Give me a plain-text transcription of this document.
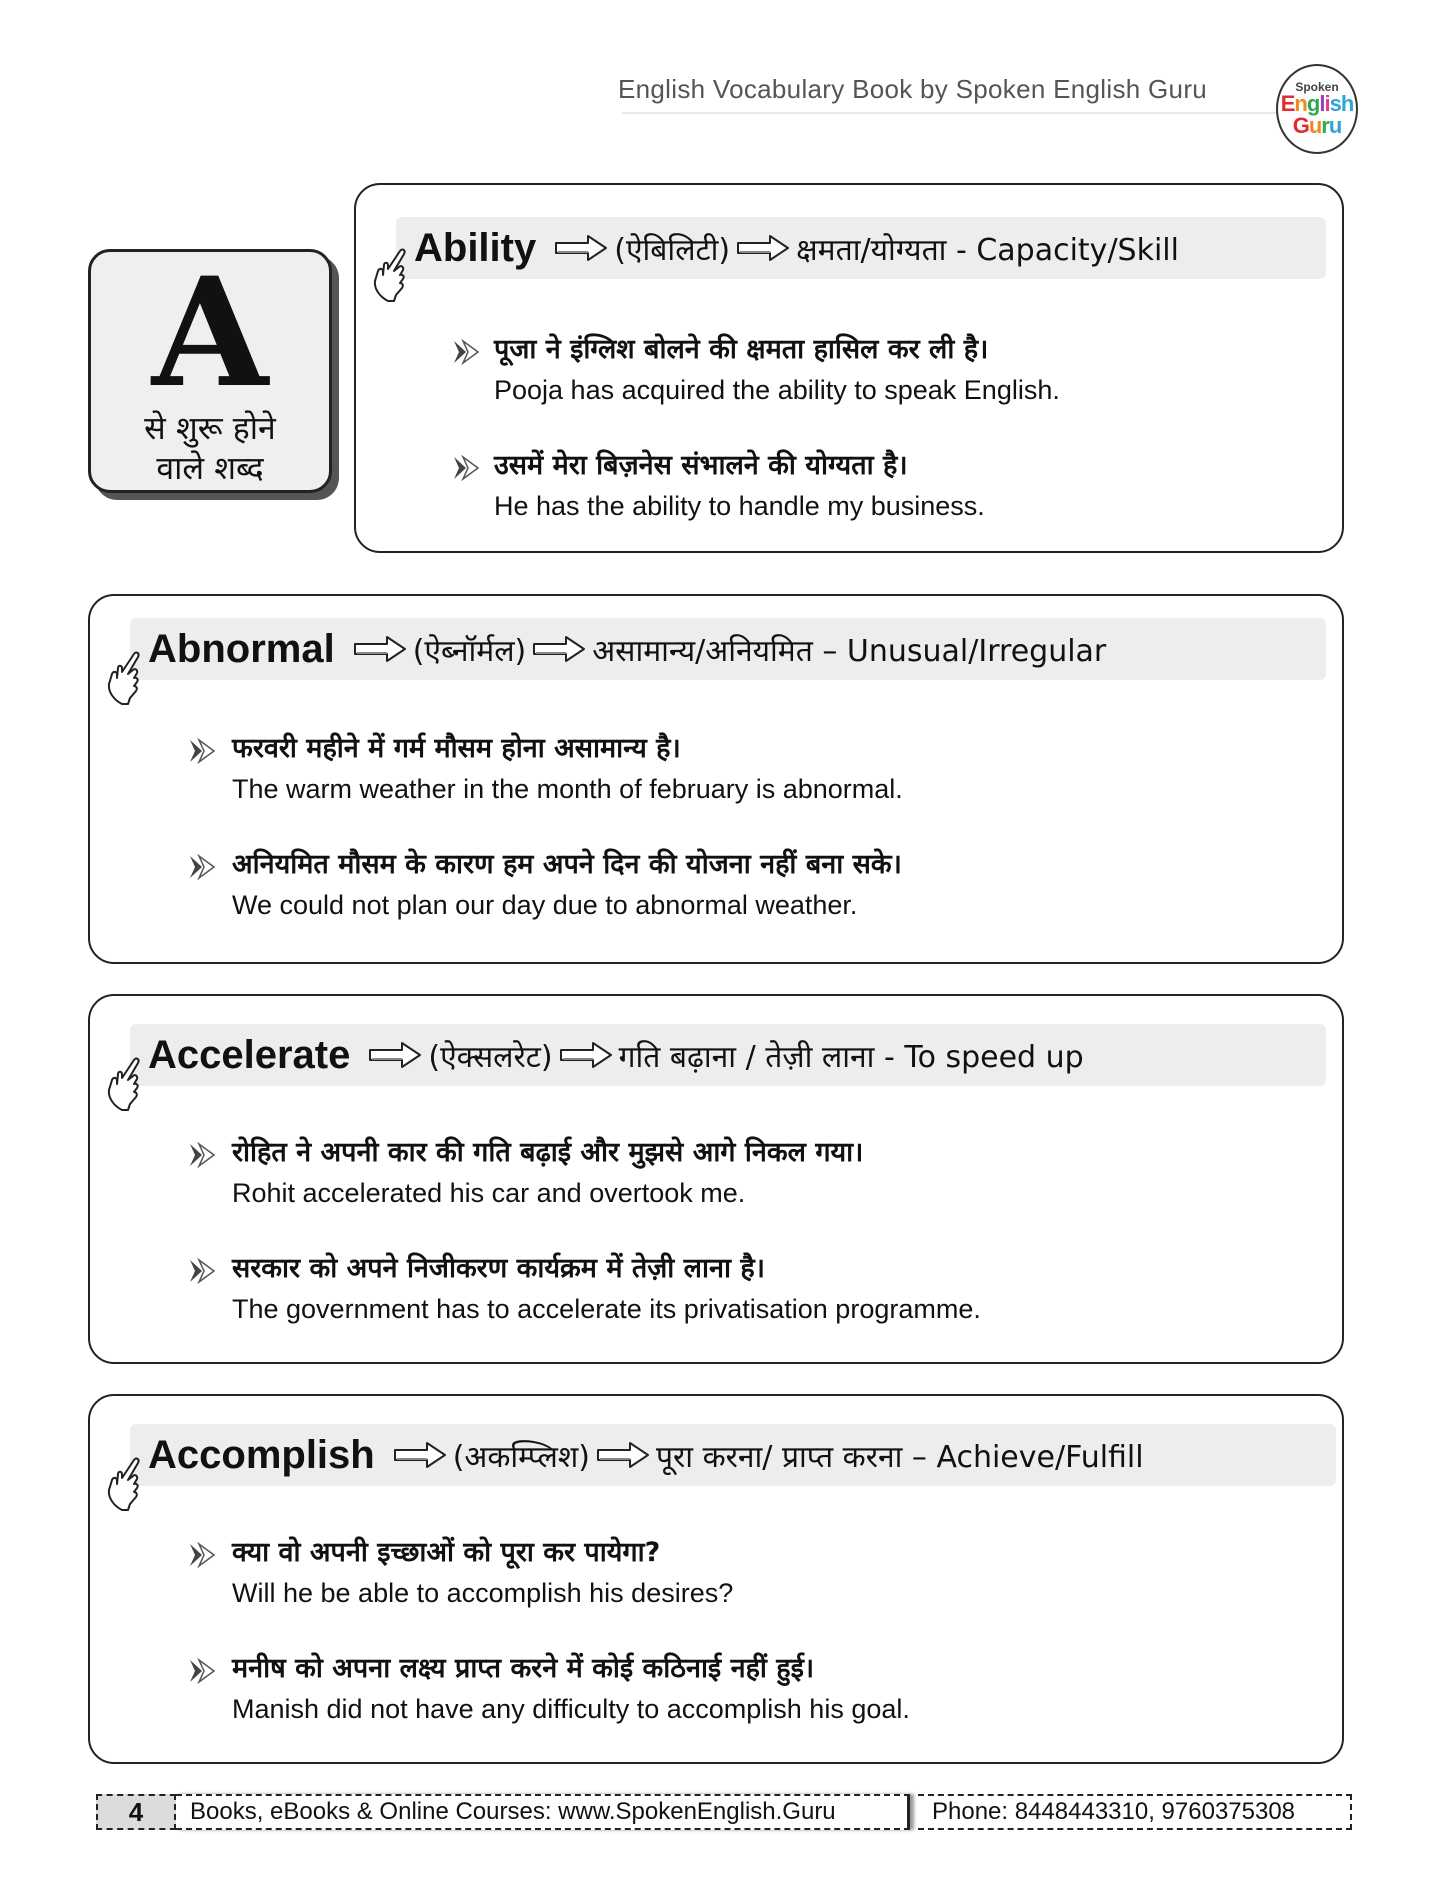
English Vocabulary Book by Spoken English Guru	Spoken
English
Guru
A
से शुरू होने
वाले शब्द
Ability	(ऐबिलिटी) क्षमता/योग्यता - Capacity/Skill
पूजा ने इंग्लिश बोलने की क्षमता हासिल कर ली है।
Pooja has acquired the ability to speak English.
उसमें मेरा बिज़नेस संभालने की योग्यता है।
He has the ability to handle my business.
Abnormal	(ऐब्नॉर्मल) असामान्य/अनियमित – Unusual/Irregular
फरवरी महीने में गर्म मौसम होना असामान्य है।
The warm weather in the month of february is abnormal.
अनियमित मौसम के कारण हम अपने दिन की योजना नहीं बना सके।
We could not plan our day due to abnormal weather.
Accelerate	(ऐक्सलरेट) गति बढ़ाना / तेज़ी लाना - To speed up
रोहित ने अपनी कार की गति बढ़ाई और मुझसे आगे निकल गया।
Rohit accelerated his car and overtook me.
सरकार को अपने निजीकरण कार्यक्रम में तेज़ी लाना है।
The government has to accelerate its privatisation programme.
Accomplish	(अकम्प्लिश) पूरा करना/ प्राप्त करना – Achieve/Fulfill
क्या वो अपनी इच्छाओं को पूरा कर पायेगा?
Will he be able to accomplish his desires?
मनीष को अपना लक्ष्य प्राप्त करने में कोई कठिनाई नहीं हुई।
Manish did not have any difficulty to accomplish his goal.
4	Books, eBooks & Online Courses: www.SpokenEnglish.Guru	Phone: 8448443310, 9760375308
